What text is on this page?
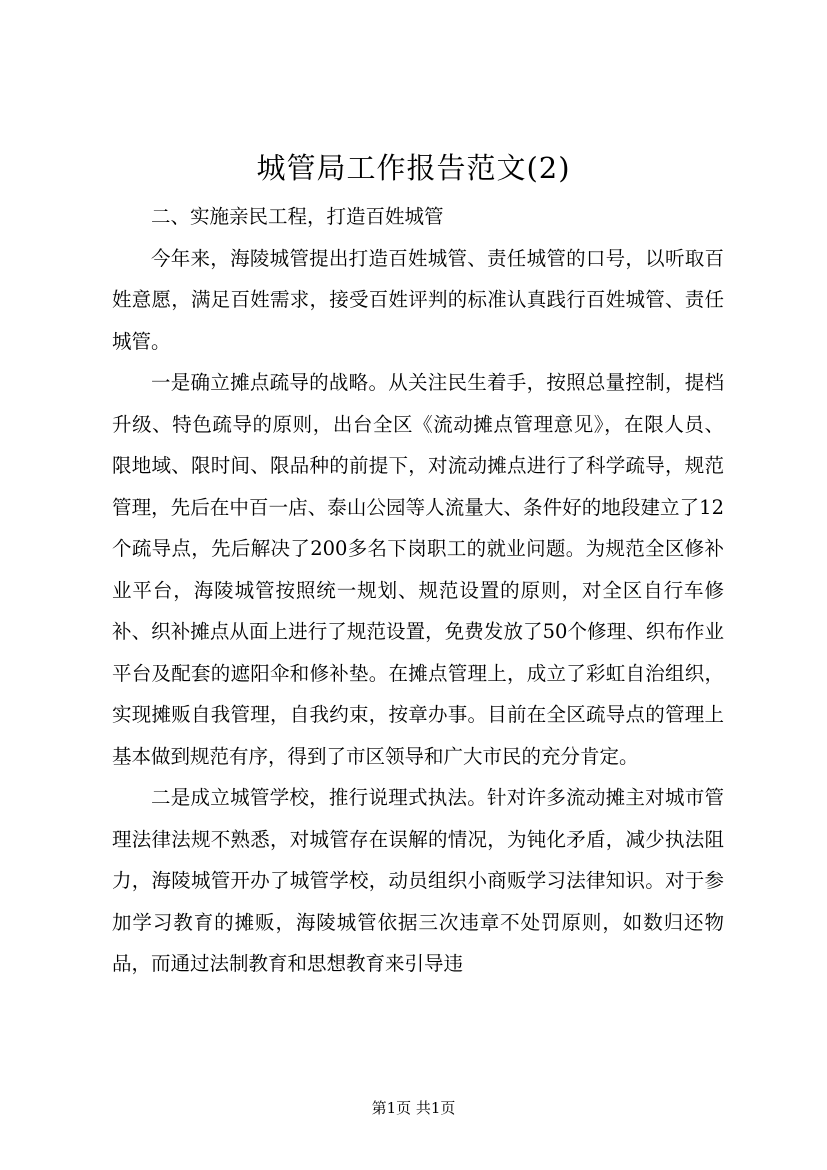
城管局工作报告范文(2)

二、实施亲民工程，打造百姓城管

今年来，海陵城管提出打造百姓城管、责任城管的口号，以听取百姓意愿，满足百姓需求，接受百姓评判的标准认真践行百姓城管、责任城管。

一是确立摊点疏导的战略。从关注民生着手，按照总量控制，提档升级、特色疏导的原则，出台全区《流动摊点管理意见》，在限人员、限地域、限时间、限品种的前提下，对流动摊点进行了科学疏导，规范管理，先后在中百一店、泰山公园等人流量大、条件好的地段建立了12个疏导点，先后解决了200多名下岗职工的就业问题。为规范全区修补业平台，海陵城管按照统一规划、规范设置的原则，对全区自行车修补、织补摊点从面上进行了规范设置，免费发放了50个修理、织布作业平台及配套的遮阳伞和修补垫。在摊点管理上，成立了彩虹自治组织，实现摊贩自我管理，自我约束，按章办事。目前在全区疏导点的管理上基本做到规范有序，得到了市区领导和广大市民的充分肯定。

二是成立城管学校，推行说理式执法。针对许多流动摊主对城市管理法律法规不熟悉，对城管存在误解的情况，为钝化矛盾，减少执法阻力，海陵城管开办了城管学校，动员组织小商贩学习法律知识。对于参加学习教育的摊贩，海陵城管依据三次违章不处罚原则，如数归还物品，而通过法制教育和思想教育来引导违

第1页 共1页
